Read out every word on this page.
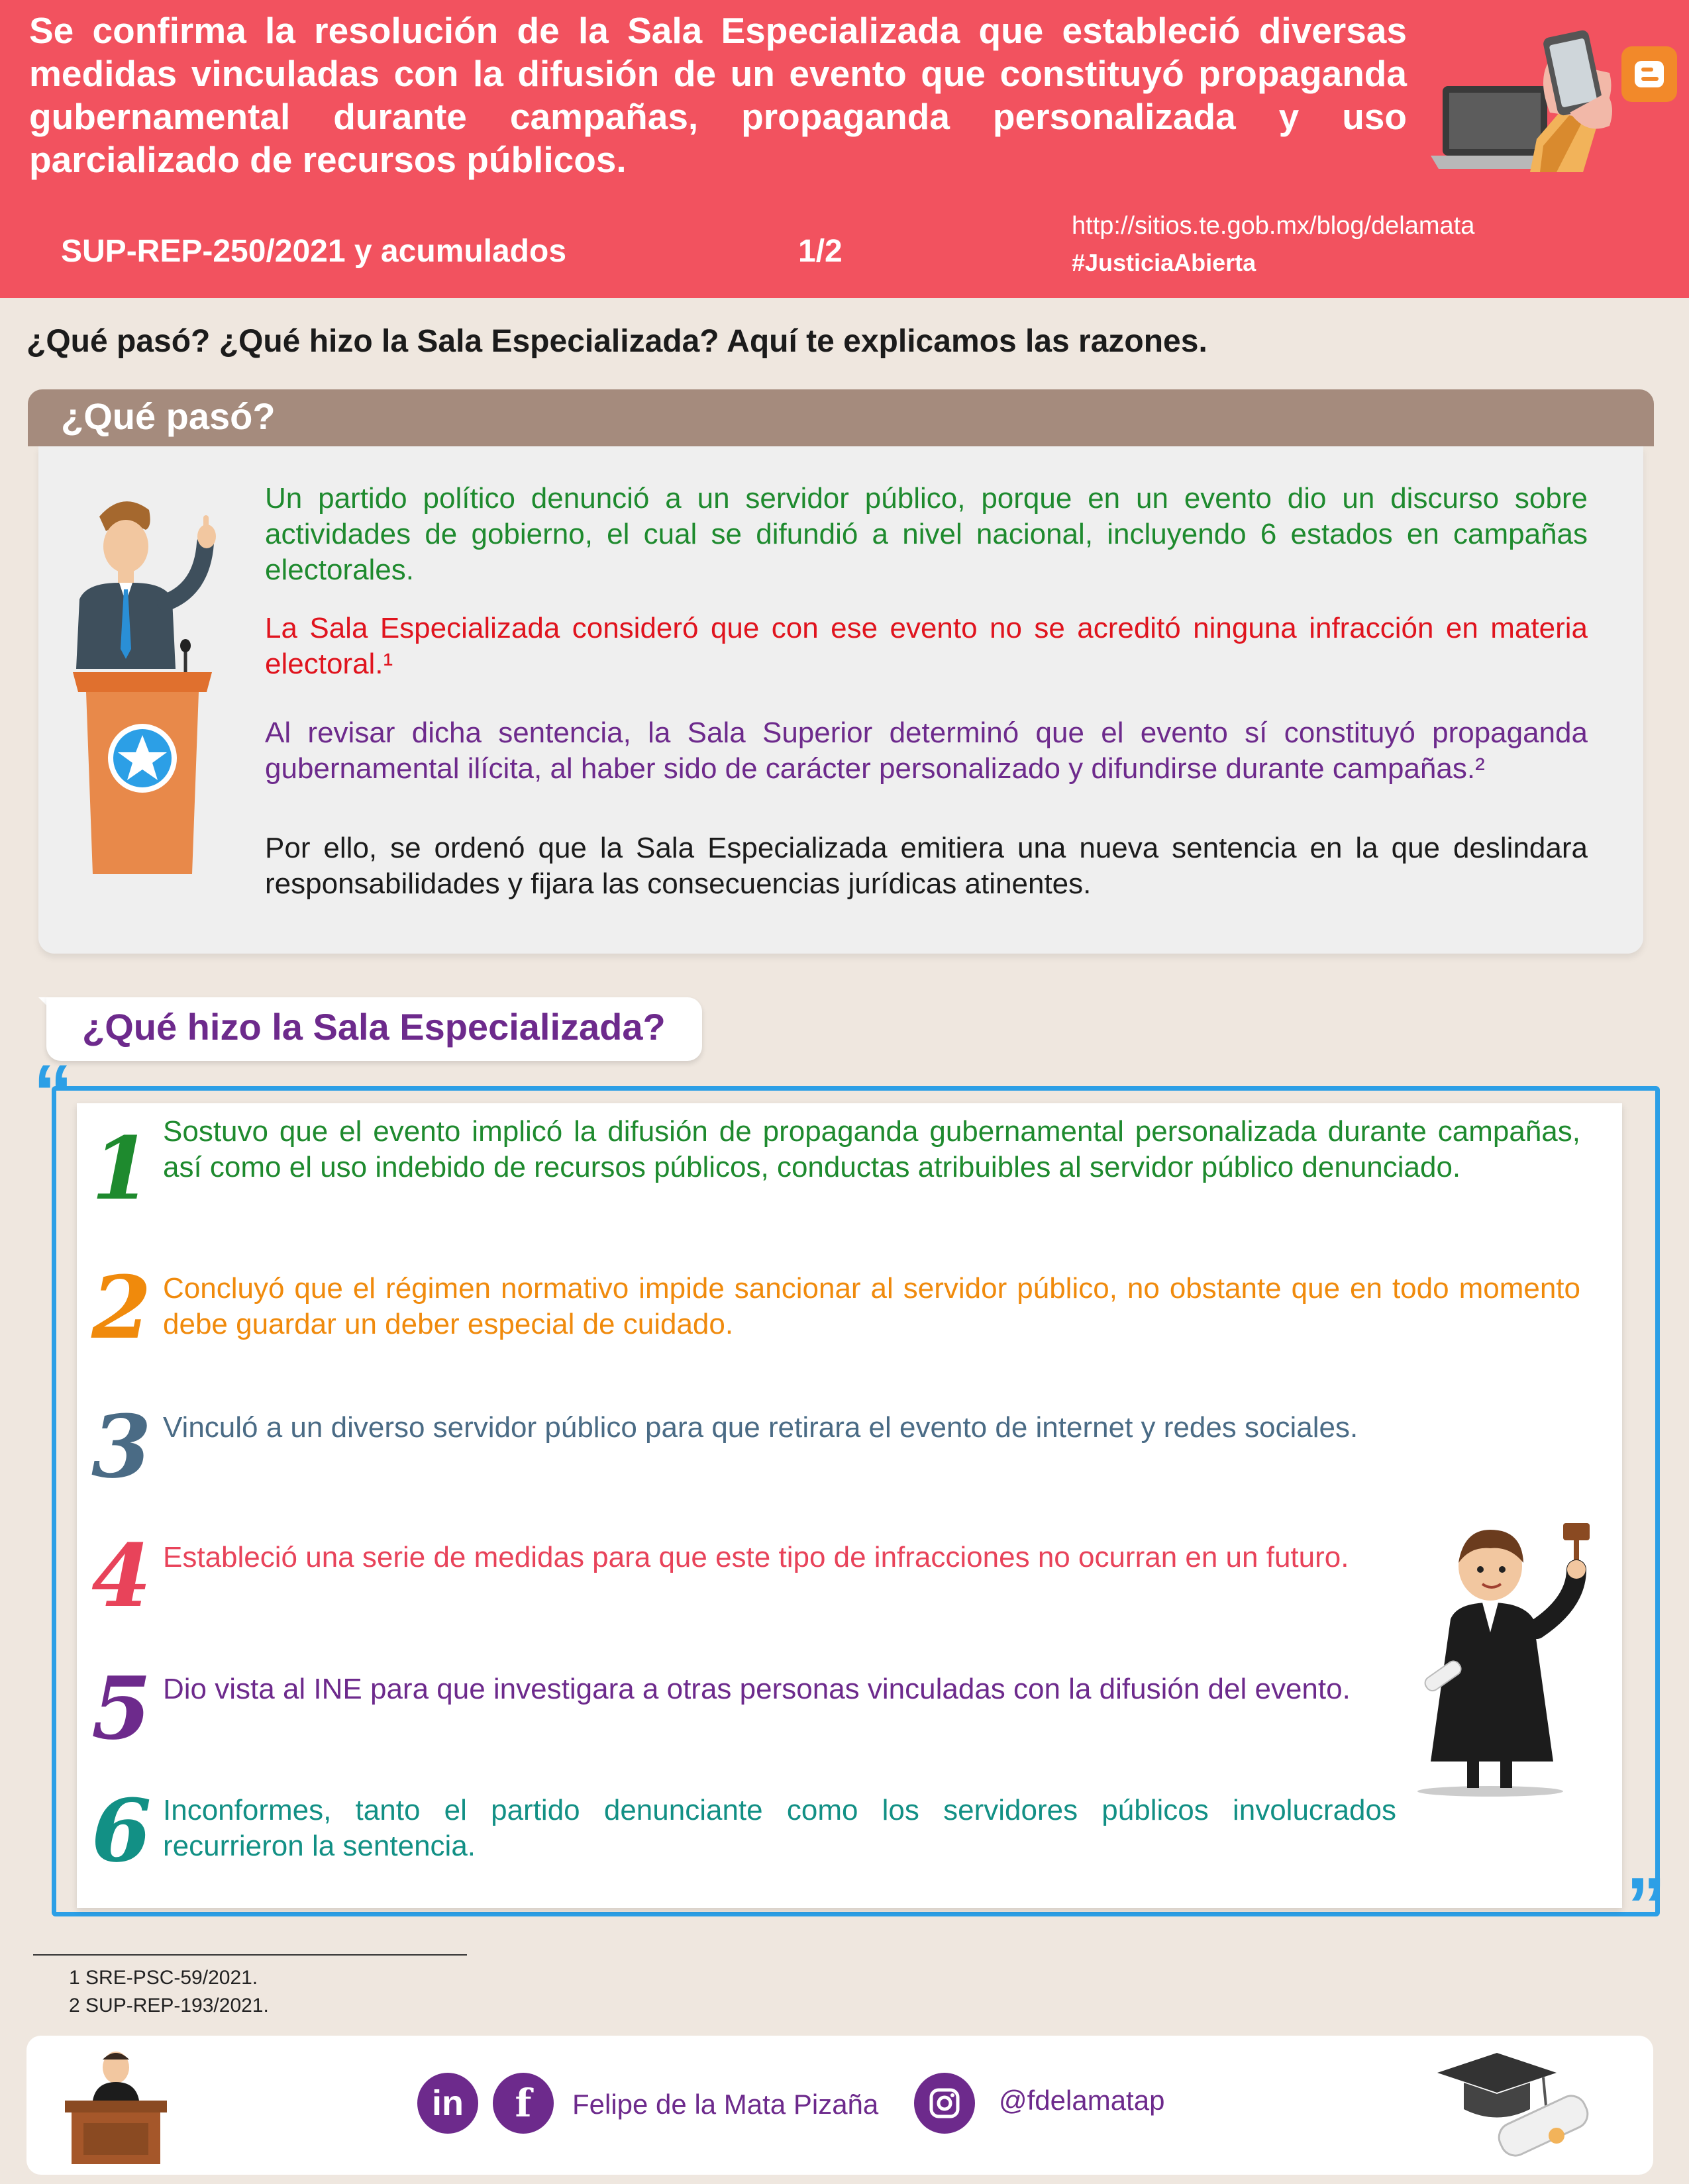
Se confirma la resolución de la Sala Especializada que estableció diversas medidas vinculadas con la difusión de un evento que constituyó propaganda gubernamental durante campañas, propaganda personalizada y uso parcializado de recursos públicos.
SUP-REP-250/2021 y acumulados	1/2
http://sitios.te.gob.mx/blog/delamata
#JusticiaAbierta
¿Qué pasó? ¿Qué hizo la Sala Especializada? Aquí te explicamos las razones.
¿Qué pasó?
Un partido político denunció a un servidor público, porque en un evento dio un discurso sobre actividades de gobierno, el cual se difundió a nivel nacional, incluyendo 6 estados en campañas electorales.
La Sala Especializada consideró que con ese evento no se acreditó ninguna infracción en materia electoral.¹
Al revisar dicha sentencia, la Sala Superior determinó que el evento sí constituyó propaganda gubernamental ilícita, al haber sido de carácter personalizado y difundirse durante campañas.²
Por ello, se ordenó que la Sala Especializada emitiera una nueva sentencia en la que deslindara responsabilidades y fijara las consecuencias jurídicas atinentes.
¿Qué hizo la Sala Especializada?
“
”
1 Sostuvo que el evento implicó la difusión de propaganda gubernamental personalizada durante campañas, así como el uso indebido de recursos públicos, conductas atribuibles al servidor público denunciado.
2 Concluyó que el régimen normativo impide sancionar al servidor público, no obstante que en todo momento debe guardar un deber especial de cuidado.
3 Vinculó a un diverso servidor público para que retirara el evento de internet y redes sociales.
4 Estableció una serie de medidas para que este tipo de infracciones no ocurran en un futuro.
5 Dio vista al INE para que investigara a otras personas vinculadas con la difusión del evento.
6 Inconformes, tanto el partido denunciante como los servidores públicos involucrados recurrieron la sentencia.
1 SRE-PSC-59/2021.
2 SUP-REP-193/2021.
in	f	Felipe de la Mata Pizaña	@fdelamatap
